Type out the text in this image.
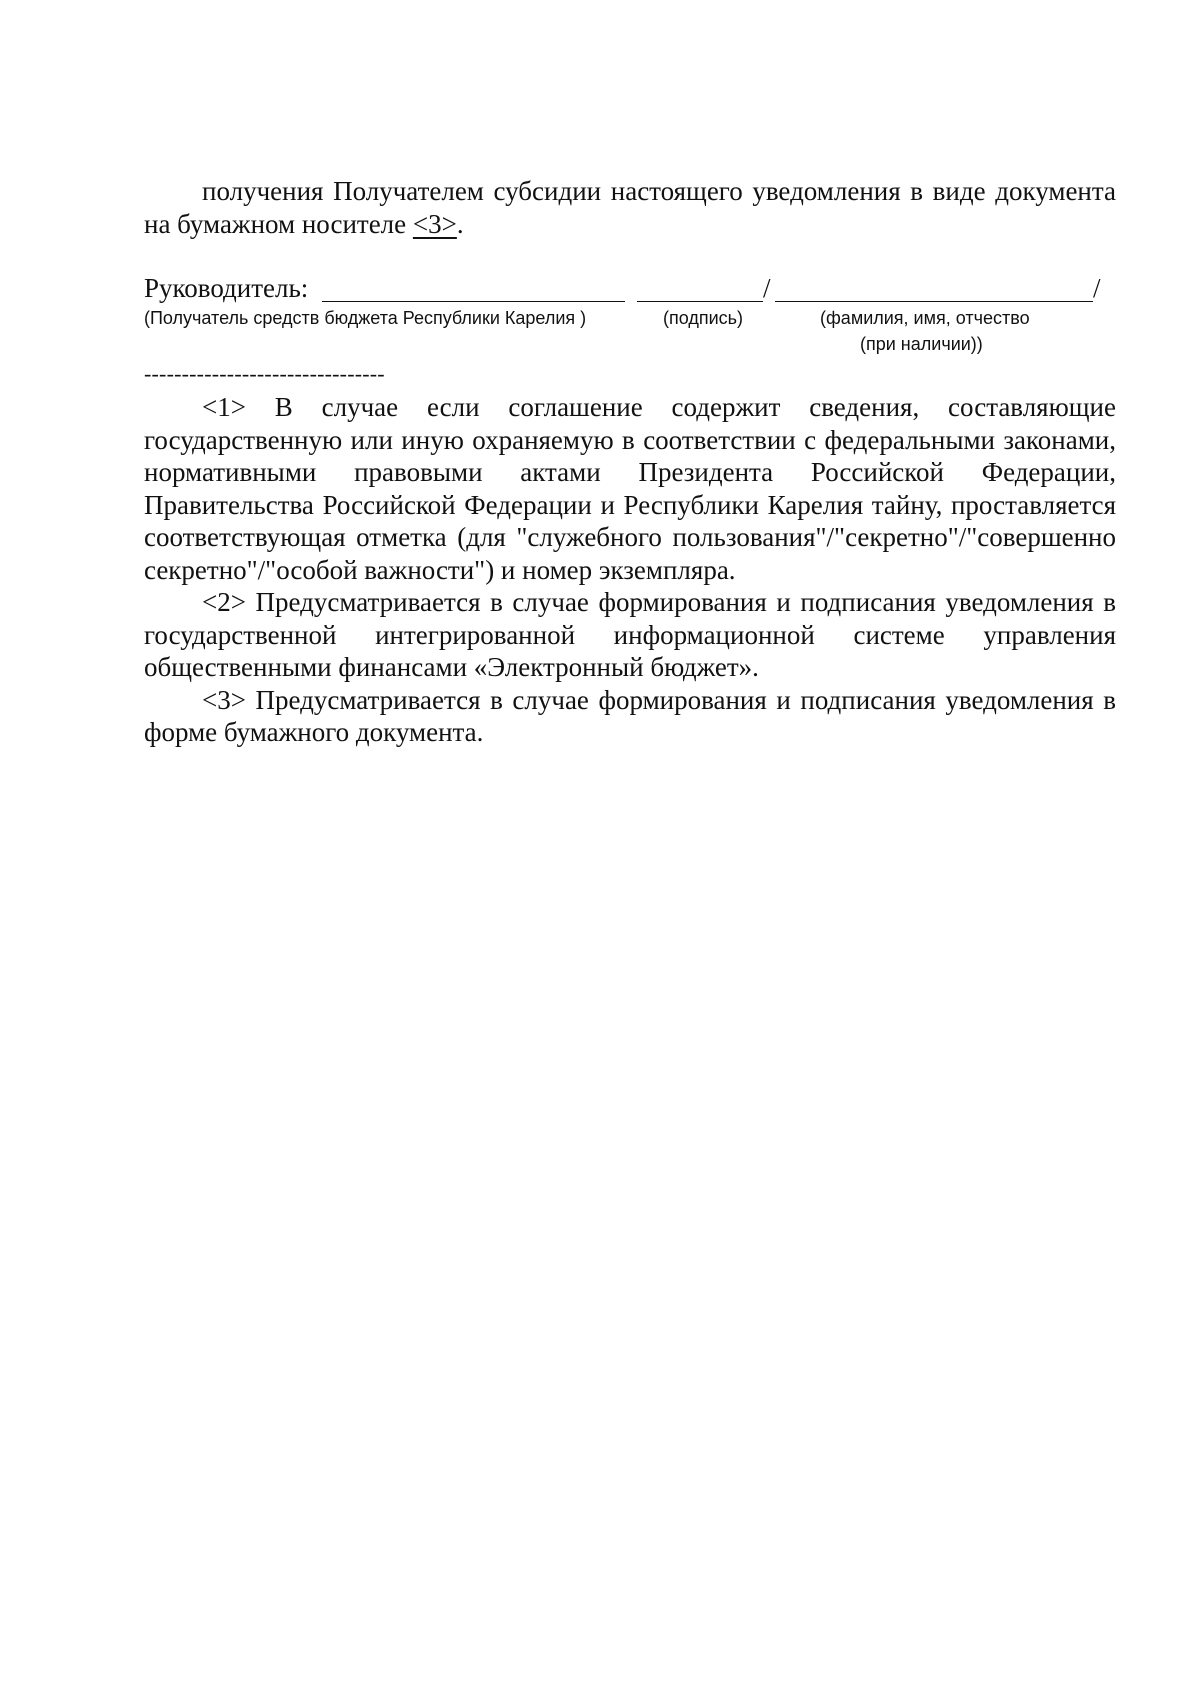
получения Получателем субсидии настоящего уведомления в виде документа на бумажном носителе <3>.
Руководитель:	/	/
(Получатель средств бюджета Республики Карелия )	(подпись)	(фамилия, имя, отчество
(при наличии))
--------------------------------

<1> В случае если соглашение содержит сведения, составляющие государственную или иную охраняемую в соответствии с федеральными законами, нормативными правовыми актами Президента Российской Федерации, Правительства Российской Федерации и Республики Карелия тайну, проставляется соответствующая отметка (для "служебного пользования"/"секретно"/"совершенно секретно"/"особой важности") и номер экземпляра.

<2> Предусматривается в случае формирования и подписания уведомления в государственной интегрированной информационной системе управления общественными финансами «Электронный бюджет».

<3> Предусматривается в случае формирования и подписания уведомления в форме бумажного документа.
